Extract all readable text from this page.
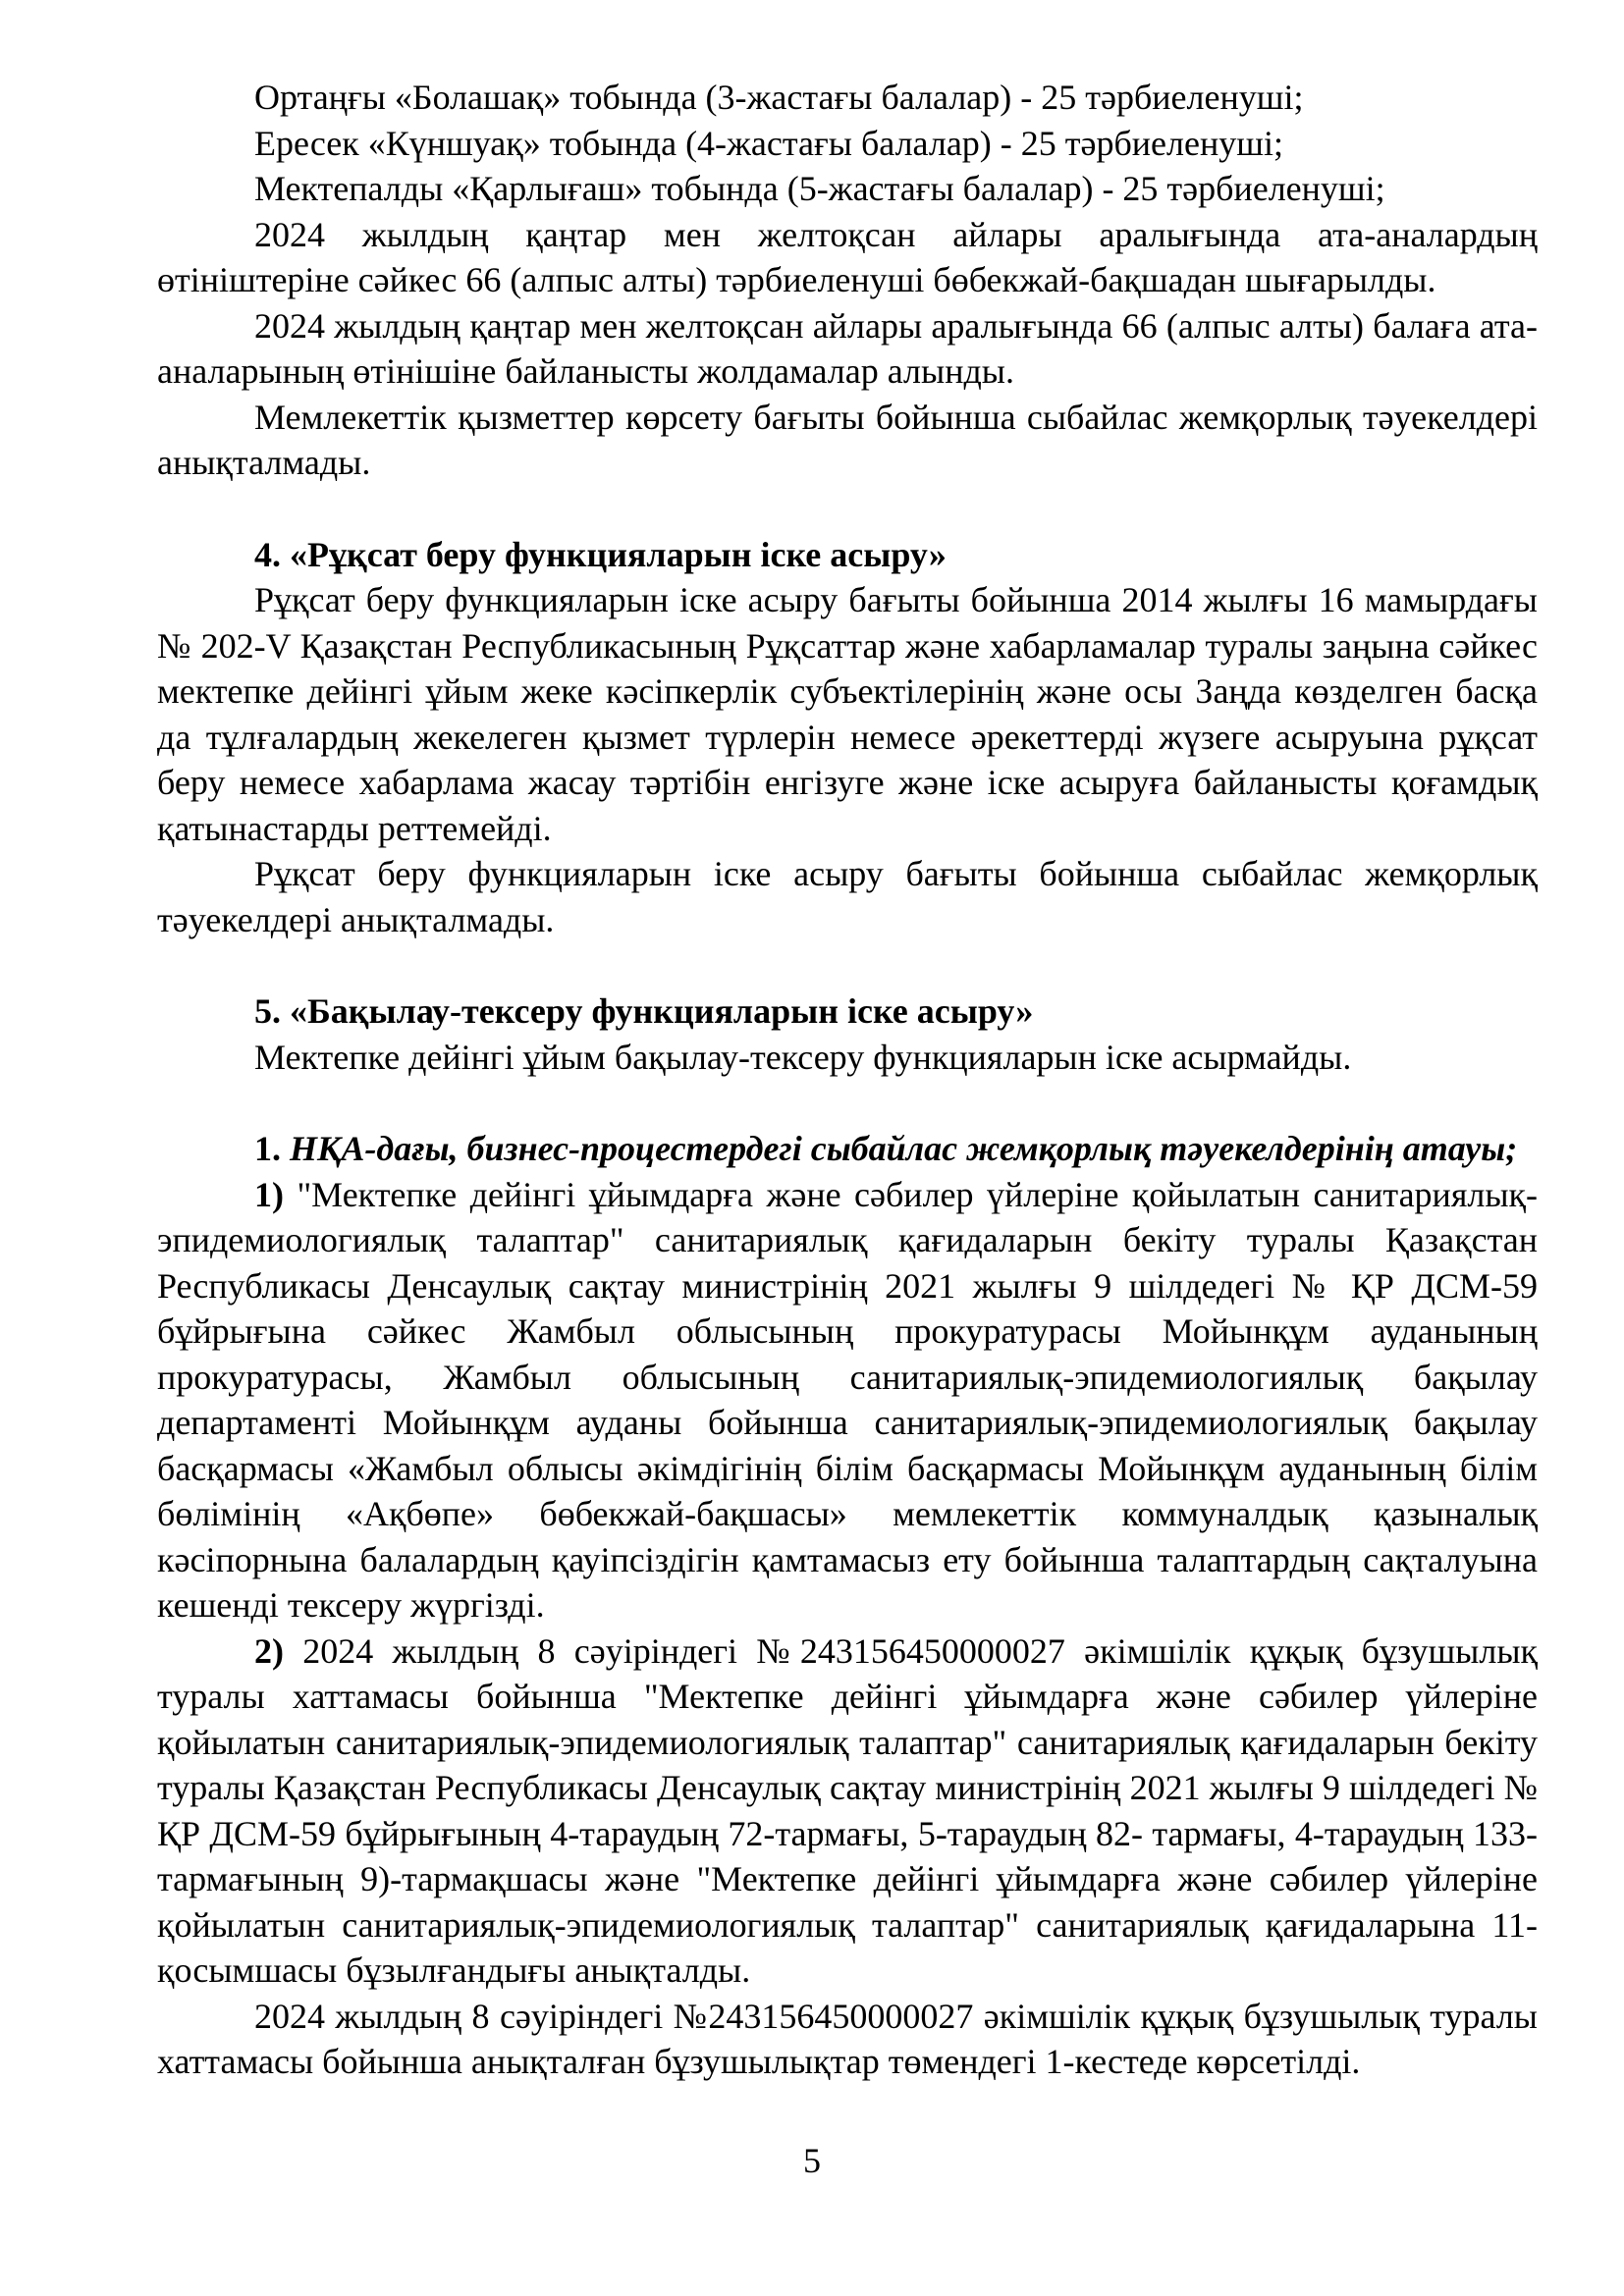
Ортаңғы «Болашақ» тобында (3-жастағы балалар) - 25 тәрбиеленуші;

Ересек «Күншуақ» тобында (4-жастағы балалар) - 25 тәрбиеленуші;

Мектепалды «Қарлығаш» тобында (5-жастағы балалар) - 25 тәрбиеленуші;

2024 жылдың қаңтар мен желтоқсан айлары аралығында ата-аналардың өтініштеріне сәйкес 66 (алпыс алты) тәрбиеленуші бөбекжай-бақшадан шығарылды.

2024 жылдың қаңтар мен желтоқсан айлары аралығында 66 (алпыс алты) балаға ата-аналарының өтінішіне байланысты жолдамалар алынды.

Мемлекеттік қызметтер көрсету бағыты бойынша сыбайлас жемқорлық тәуекелдері анықталмады.

4. «Рұқсат беру функцияларын іске асыру»

Рұқсат беру функцияларын іске асыру бағыты бойынша 2014 жылғы 16 мамырдағы № 202-V Қазақстан Республикасының Рұқсаттар және хабарламалар туралы заңына сәйкес мектепке дейінгі ұйым жеке кәсіпкерлік субъектілерінің және осы Заңда көзделген басқа да тұлғалардың жекелеген қызмет түрлерін немесе әрекеттерді жүзеге асыруына рұқсат беру немесе хабарлама жасау тәртібін енгізуге және іске асыруға байланысты қоғамдық қатынастарды реттемейді.

Рұқсат беру функцияларын іске асыру бағыты бойынша сыбайлас жемқорлық тәуекелдері анықталмады.

5. «Бақылау-тексеру функцияларын іске асыру»

Мектепке дейінгі ұйым бақылау-тексеру функцияларын іске асырмайды.

1. НҚА-дағы, бизнес-процестердегі сыбайлас жемқорлық тәуекелдерінің атауы;

1) "Мектепке дейінгі ұйымдарға және сәбилер үйлеріне қойылатын санитариялық-эпидемиологиялық талаптар" санитариялық қағидаларын бекіту туралы Қазақстан Республикасы Денсаулық сақтау министрінің 2021 жылғы 9 шілдедегі № ҚР ДСМ-59 бұйрығына сәйкес Жамбыл облысының прокуратурасы Мойынқұм ауданының прокуратурасы, Жамбыл облысының санитариялық-эпидемиологиялық бақылау департаменті Мойынқұм ауданы бойынша санитариялық-эпидемиологиялық бақылау басқармасы «Жамбыл облысы әкімдігінің білім басқармасы Мойынқұм ауданының білім бөлімінің «Ақбөпе» бөбекжай-бақшасы» мемлекеттік коммуналдық қазыналық кәсіпорнына балалардың қауіпсіздігін қамтамасыз ету бойынша талаптардың сақталуына кешенді тексеру жүргізді.

2) 2024 жылдың 8 сәуіріндегі №243156450000027 әкімшілік құқық бұзушылық туралы хаттамасы бойынша "Мектепке дейінгі ұйымдарға және сәбилер үйлеріне қойылатын санитариялық-эпидемиологиялық талаптар" санитариялық қағидаларын бекіту туралы Қазақстан Республикасы Денсаулық сақтау министрінің 2021 жылғы 9 шілдедегі № ҚР ДСМ-59 бұйрығының 4-тараудың 72-тармағы, 5-тараудың 82- тармағы, 4-тараудың 133-тармағының 9)-тармақшасы және "Мектепке дейінгі ұйымдарға және сәбилер үйлеріне қойылатын санитариялық-эпидемиологиялық талаптар" санитариялық қағидаларына 11-қосымшасы бұзылғандығы анықталды.

2024 жылдың 8 сәуіріндегі №243156450000027 әкімшілік құқық бұзушылық туралы хаттамасы бойынша анықталған бұзушылықтар төмендегі 1-кестеде көрсетілді.

5
